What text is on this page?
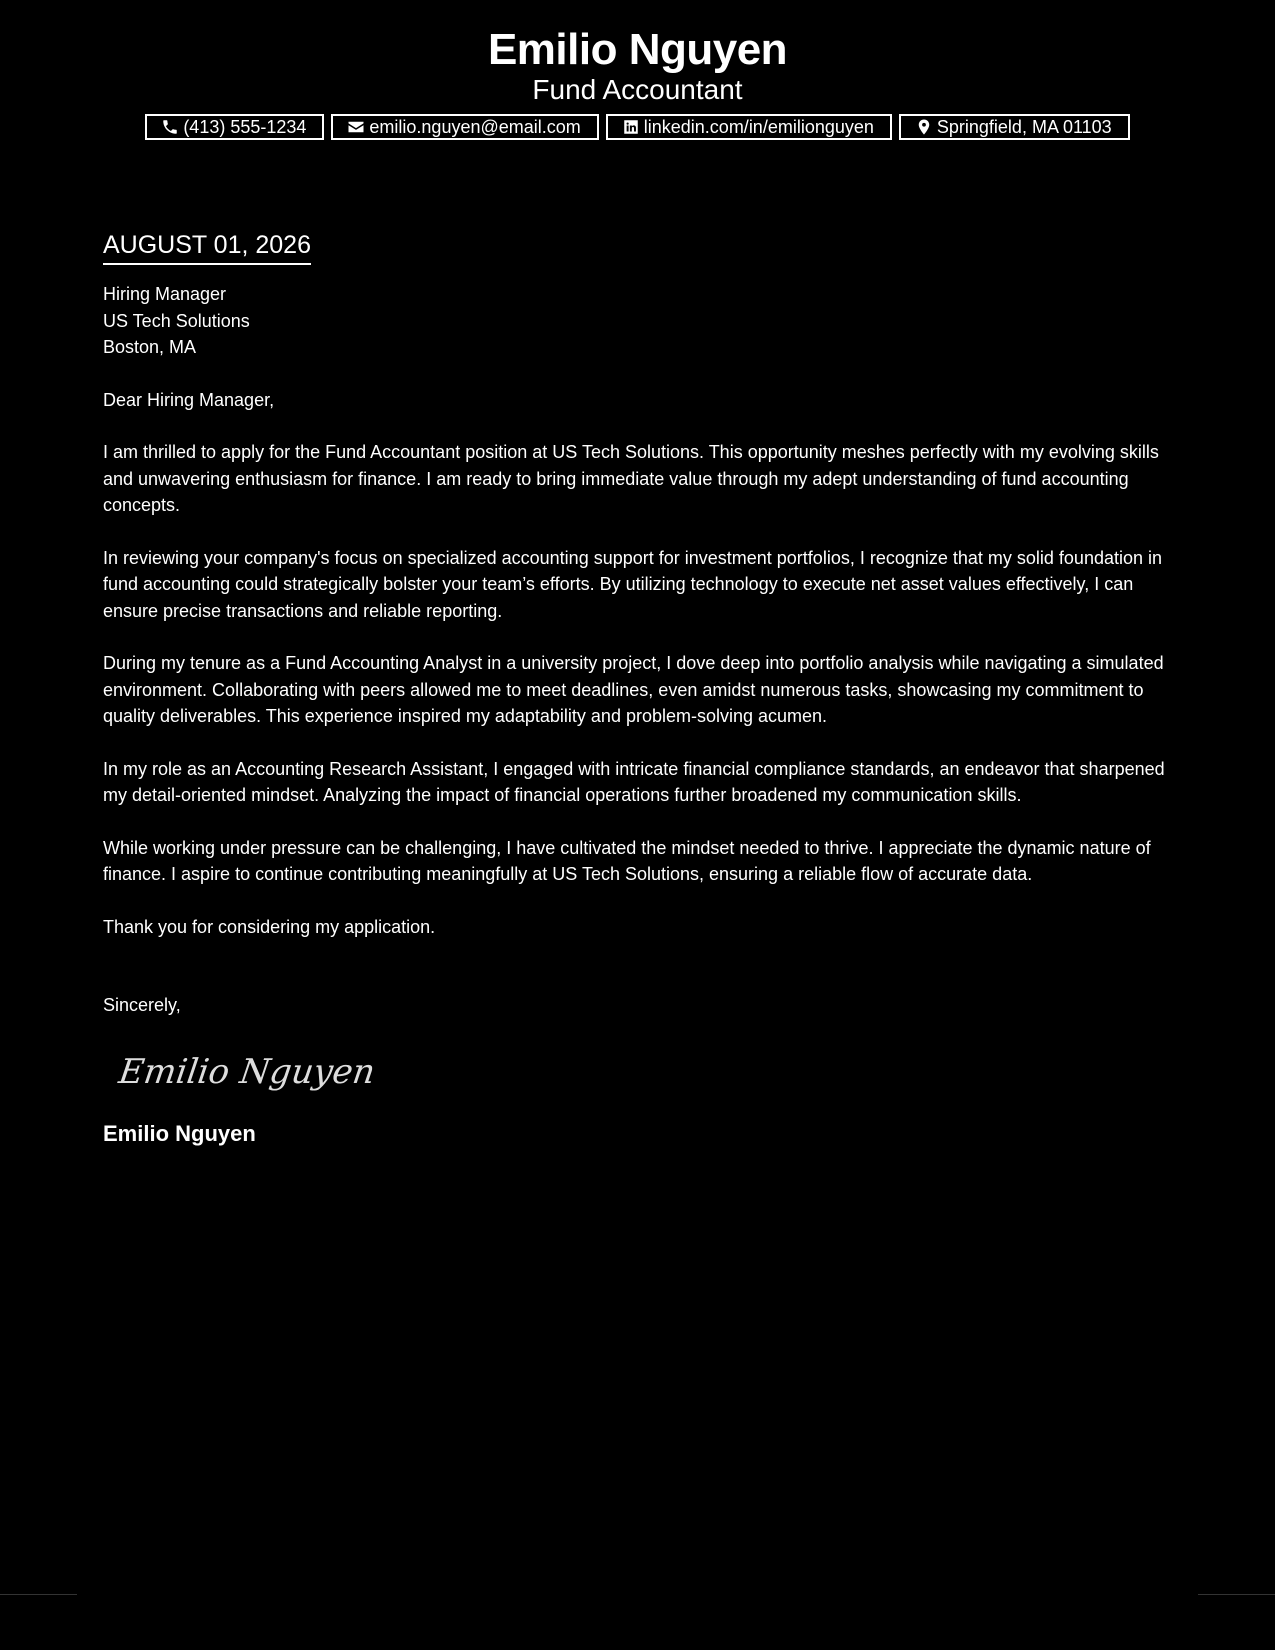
Emilio Nguyen
Fund Accountant
(413) 555-1234	emilio.nguyen@email.com	linkedin.com/in/emilionguyen	Springfield, MA 01103
AUGUST 01, 2026
Hiring Manager
US Tech Solutions
Boston, MA
Dear Hiring Manager,
I am thrilled to apply for the Fund Accountant position at US Tech Solutions. This opportunity meshes perfectly with my evolving skills and unwavering enthusiasm for finance. I am ready to bring immediate value through my adept understanding of fund accounting concepts.
In reviewing your company's focus on specialized accounting support for investment portfolios, I recognize that my solid foundation in fund accounting could strategically bolster your team’s efforts. By utilizing technology to execute net asset values effectively, I can ensure precise transactions and reliable reporting.
During my tenure as a Fund Accounting Analyst in a university project, I dove deep into portfolio analysis while navigating a simulated environment. Collaborating with peers allowed me to meet deadlines, even amidst numerous tasks, showcasing my commitment to quality deliverables. This experience inspired my adaptability and problem-solving acumen.
In my role as an Accounting Research Assistant, I engaged with intricate financial compliance standards, an endeavor that sharpened my detail-oriented mindset. Analyzing the impact of financial operations further broadened my communication skills.
While working under pressure can be challenging, I have cultivated the mindset needed to thrive. I appreciate the dynamic nature of finance. I aspire to continue contributing meaningfully at US Tech Solutions, ensuring a reliable flow of accurate data.
Thank you for considering my application.
Sincerely,
Emilio Nguyen
Emilio Nguyen
